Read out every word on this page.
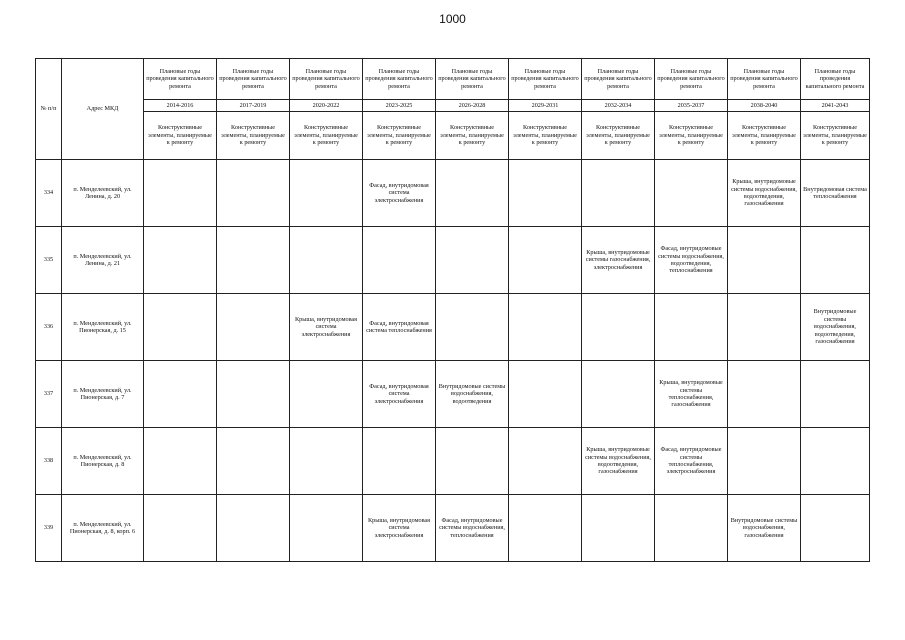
1000
№ п/п	Адрес МКД	Плановые годы проведения капитального ремонта	Плановые годы проведения капитального ремонта	Плановые годы проведения капитального ремонта	Плановые годы проведения капитального ремонта	Плановые годы проведения капитального ремонта	Плановые годы проведения капитального ремонта	Плановые годы проведения капитального ремонта	Плановые годы проведения капитального ремонта	Плановые годы проведения капитального ремонта	Плановые годы проведения капитального ремонта
		2014-2016	2017-2019	2020-2022	2023-2025	2026-2028	2029-2031	2032-2034	2035-2037	2038-2040	2041-2043
		Конструктивные элементы, планируемые к ремонту	Конструктивные элементы, планируемые к ремонту	Конструктивные элементы, планируемые к ремонту	Конструктивные элементы, планируемые к ремонту	Конструктивные элементы, планируемые к ремонту	Конструктивные элементы, планируемые к ремонту	Конструктивные элементы, планируемые к ремонту	Конструктивные элементы, планируемые к ремонту	Конструктивные элементы, планируемые к ремонту	Конструктивные элементы, планируемые к ремонту
334	п. Менделеевский, ул. Ленина, д. 20				Фасад, внутридомовая система электроснабжения					Крыша, внутридомовые системы водоснабжения, водоотведения, газоснабжения	Внутридомовая система теплоснабжения
335	п. Менделеевский, ул. Ленина, д. 21							Крыша, внутридомовые системы газоснабжения, электроснабжения	Фасад, внутридомовые системы водоснабжения, водоотведения, теплоснабжения		
336	п. Менделеевский, ул. Пионерская, д. 15			Крыша, внутридомовая система электроснабжения	Фасад, внутридомовая система теплоснабжения						Внутридомовые системы водоснабжения, водоотведения, газоснабжения
337	п. Менделеевский, ул. Пионерская, д. 7				Фасад, внутридомовая система электроснабжения	Внутридомовые системы водоснабжения, водоотведения			Крыша, внутридомовые системы теплоснабжения, газоснабжения		
338	п. Менделеевский, ул. Пионерская, д. 8							Крыша, внутридомовые системы водоснабжения, водоотведения, газоснабжения	Фасад, внутридомовые системы теплоснабжения, электроснабжения		
339	п. Менделеевский, ул. Пионерская, д. 8, корп. 6				Крыша, внутридомовая система электроснабжения	Фасад, внутридомовые системы водоснабжения, теплоснабжения				Внутридомовые системы водоснабжения, газоснабжения	
